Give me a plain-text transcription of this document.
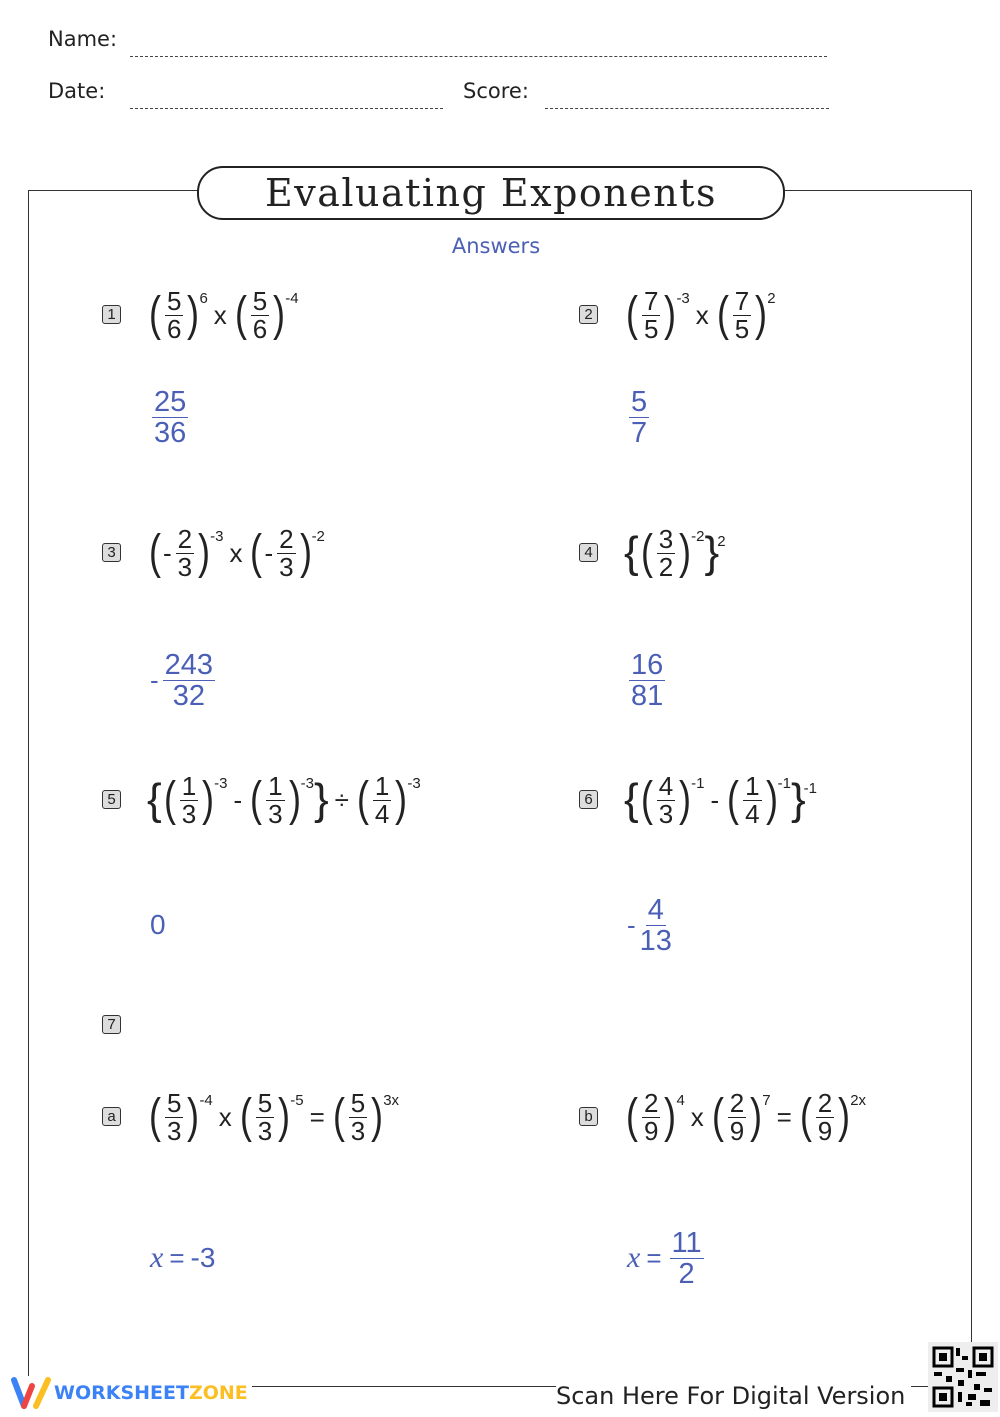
Name:
Date:	Score:
Evaluating Exponents
Answers
1 ( $\frac{5}{6}$ ) 6
x ( $\frac{5}{6}$ ) -4
$\frac{25}{36}$
2 ( $\frac{7}{5}$ ) -3
x ( $\frac{7}{5}$ ) 2
$\frac{5}{7}$
3 ( - $\frac{2}{3}$ ) -3
x ( - $\frac{2}{3}$ ) -2
- $\frac{243}{32}$
4 { ( $\frac{3}{2}$ ) -2 }
2
$\frac{16}{81}$
5 { ( $\frac{1}{3}$ ) -3
- ( $\frac{1}{3}$ ) -3 } ÷ ( $\frac{1}{4}$ ) -3
0
6 { ( $\frac{4}{3}$ ) -1
- ( $\frac{1}{4}$ ) -1 }
-1
- $\frac{4}{13}$
7
a ( $\frac{5}{3}$ ) -4
x ( $\frac{5}{3}$ ) -5
= ( $\frac{5}{3}$ ) 3x
x = -3
b ( $\frac{2}{9}$ ) 4
x ( $\frac{2}{9}$ ) 7
= ( $\frac{2}{9}$ ) 2x
$x = \frac{11}{2}$
WORKSHEET ZONE	Scan Here For Digital Version
